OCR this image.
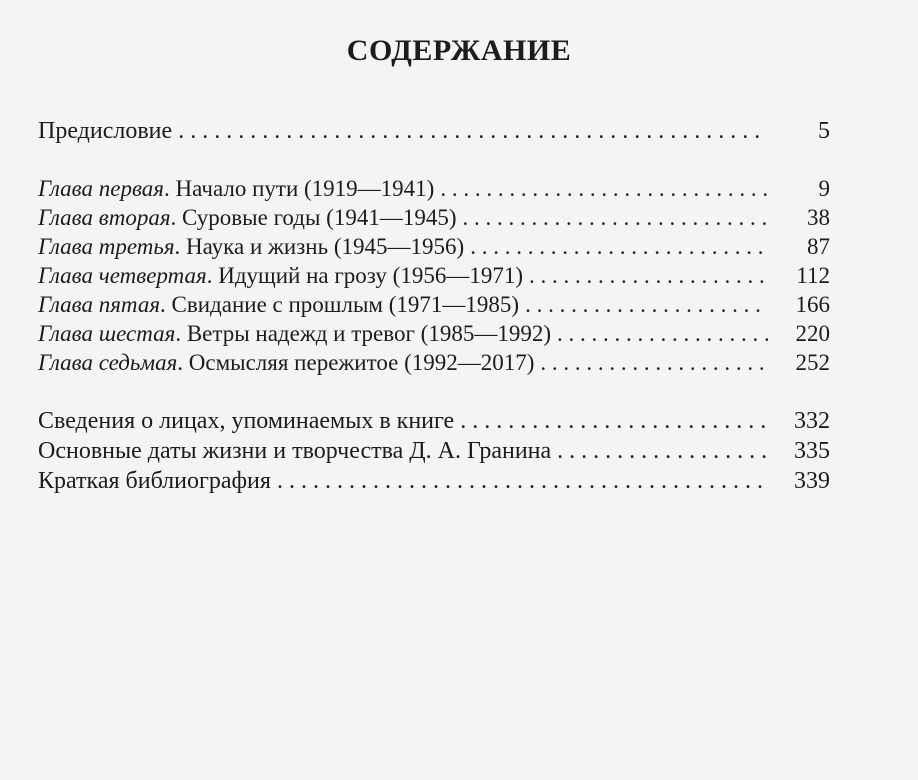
СОДЕРЖАНИЕ
Предисловие . . .	5
Глава первая. Начало пути (1919—1941) . . .	9
Глава вторая. Суровые годы (1941—1945) . . .	38
Глава третья. Наука и жизнь (1945—1956) . . .	87
Глава четвертая. Идущий на грозу (1956—1971) . . .	112
Глава пятая. Свидание с прошлым (1971—1985) . . .	166
Глава шестая. Ветры надежд и тревог (1985—1992) . . .	220
Глава седьмая. Осмысляя пережитое (1992—2017) . . .	252
Сведения о лицах, упоминаемых в книге . . .	332
Основные даты жизни и творчества Д. А. Гранина . . .	335
Краткая библиография . . .	339
